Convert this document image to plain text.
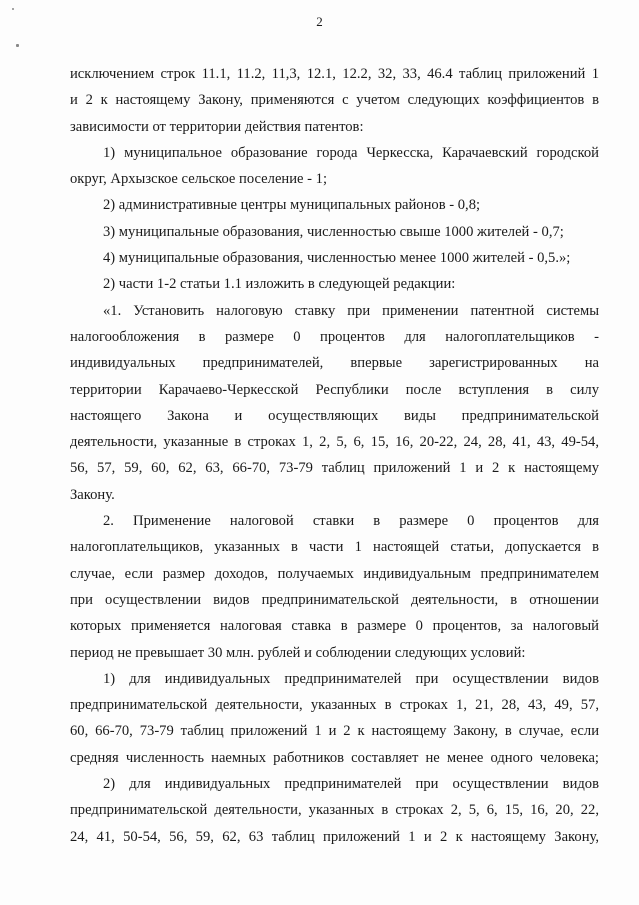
2
исключением строк 11.1, 11.2, 11,3, 12.1, 12.2, 32, 33, 46.4 таблиц приложений 1
и 2 к настоящему Закону, применяются с учетом следующих коэффициентов в
зависимости от территории действия патентов:
1) муниципальное образование города Черкесска, Карачаевский городской
округ, Архызское сельское поселение - 1;
2) административные центры муниципальных районов - 0,8;
3) муниципальные образования, численностью свыше 1000 жителей - 0,7;
4) муниципальные образования, численностью менее 1000 жителей - 0,5.»;
2) части 1-2 статьи 1.1 изложить в следующей редакции:
«1. Установить налоговую ставку при применении патентной системы
налогообложения в размере 0 процентов для налогоплательщиков -
индивидуальных предпринимателей, впервые зарегистрированных на
территории Карачаево-Черкесской Республики после вступления в силу
настоящего Закона и осуществляющих виды предпринимательской
деятельности, указанные в строках 1, 2, 5, 6, 15, 16, 20-22, 24, 28, 41, 43, 49-54,
56, 57, 59, 60, 62, 63, 66-70, 73-79 таблиц приложений 1 и 2 к настоящему
Закону.
2. Применение налоговой ставки в размере 0 процентов для
налогоплательщиков, указанных в части 1 настоящей статьи, допускается в
случае, если размер доходов, получаемых индивидуальным предпринимателем
при осуществлении видов предпринимательской деятельности, в отношении
которых применяется налоговая ставка в размере 0 процентов, за налоговый
период не превышает 30 млн. рублей и соблюдении следующих условий:
1) для индивидуальных предпринимателей при осуществлении видов
предпринимательской деятельности, указанных в строках 1, 21, 28, 43, 49, 57,
60, 66-70, 73-79 таблиц приложений 1 и 2 к настоящему Закону, в случае, если
средняя численность наемных работников составляет не менее одного человека;
2) для индивидуальных предпринимателей при осуществлении видов
предпринимательской деятельности, указанных в строках 2, 5, 6, 15, 16, 20, 22,
24, 41, 50-54, 56, 59, 62, 63 таблиц приложений 1 и 2 к настоящему Закону,
